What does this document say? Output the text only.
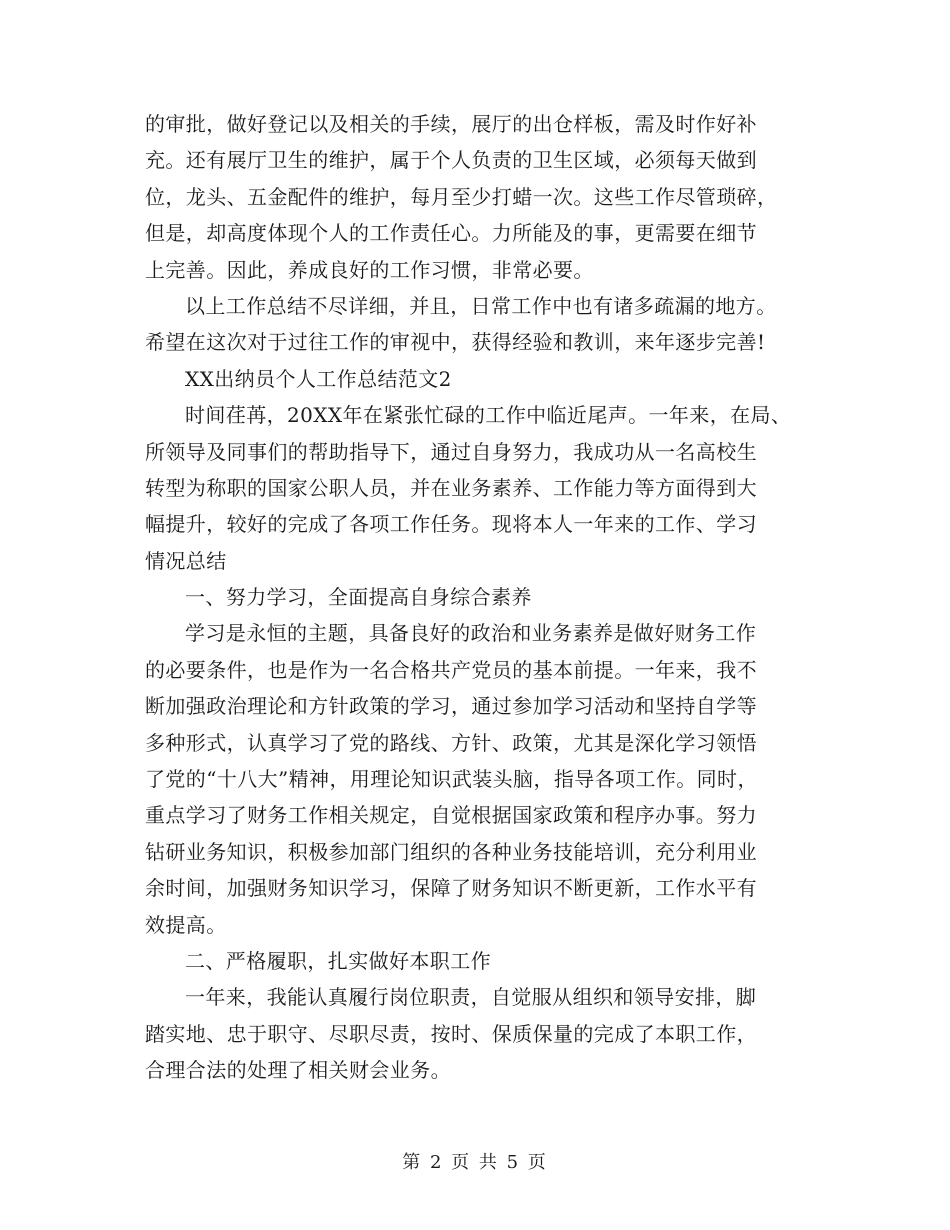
的审批，做好登记以及相关的手续，展厅的出仓样板，需及时作好补
充。还有展厅卫生的维护，属于个人负责的卫生区域，必须每天做到
位，龙头、五金配件的维护，每月至少打蜡一次。这些工作尽管琐碎，
但是，却高度体现个人的工作责任心。力所能及的事，更需要在细节
上完善。因此，养成良好的工作习惯，非常必要。
以上工作总结不尽详细，并且，日常工作中也有诸多疏漏的地方。
希望在这次对于过往工作的审视中，获得经验和教训，来年逐步完善!
XX出纳员个人工作总结范文2
时间荏苒，20XX年在紧张忙碌的工作中临近尾声。一年来，在局、
所领导及同事们的帮助指导下，通过自身努力，我成功从一名高校生
转型为称职的国家公职人员，并在业务素养、工作能力等方面得到大
幅提升，较好的完成了各项工作任务。现将本人一年来的工作、学习
情况总结
一、努力学习，全面提高自身综合素养
学习是永恒的主题，具备良好的政治和业务素养是做好财务工作
的必要条件，也是作为一名合格共产党员的基本前提。一年来，我不
断加强政治理论和方针政策的学习，通过参加学习活动和坚持自学等
多种形式，认真学习了党的路线、方针、政策，尤其是深化学习领悟
了党的“十八大”精神，用理论知识武装头脑，指导各项工作。同时，
重点学习了财务工作相关规定，自觉根据国家政策和程序办事。努力
钻研业务知识，积极参加部门组织的各种业务技能培训，充分利用业
余时间，加强财务知识学习，保障了财务知识不断更新，工作水平有
效提高。
二、严格履职，扎实做好本职工作
一年来，我能认真履行岗位职责，自觉服从组织和领导安排，脚
踏实地、忠于职守、尽职尽责，按时、保质保量的完成了本职工作，
合理合法的处理了相关财会业务。
第 2 页 共 5 页
